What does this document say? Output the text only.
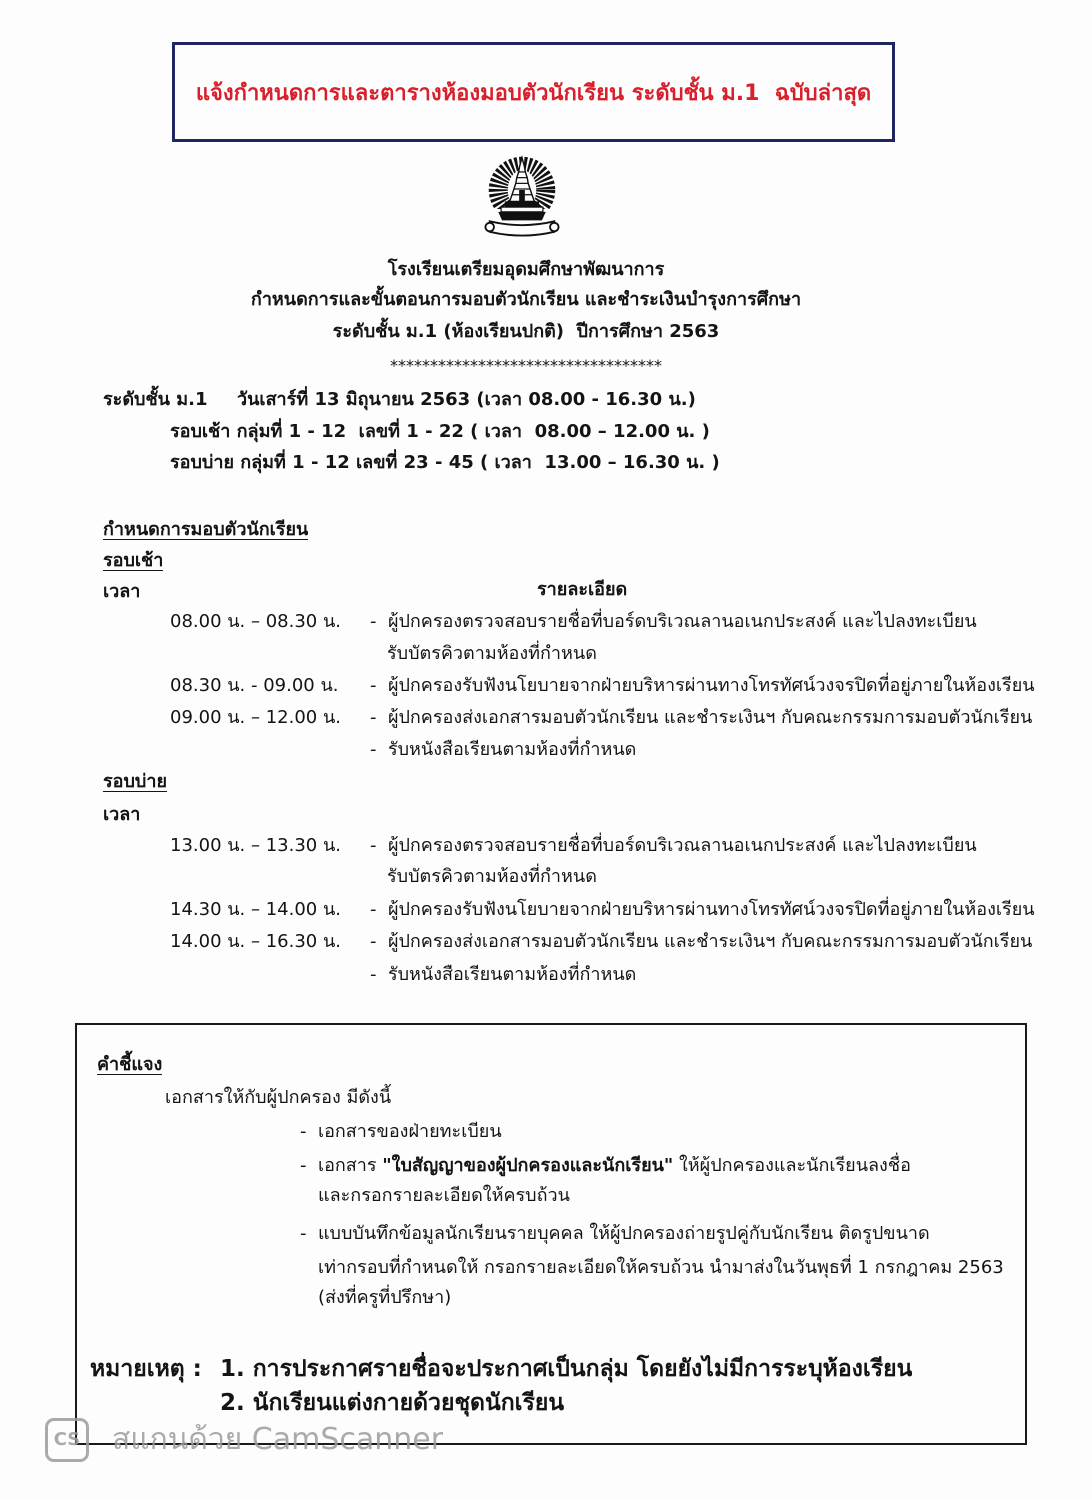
แจ้งกำหนดการและตารางห้องมอบตัวนักเรียน ระดับชั้น ม.1  ฉบับล่าสุด
โรงเรียนเตรียมอุดมศึกษาพัฒนาการ
กำหนดการและขั้นตอนการมอบตัวนักเรียน และชำระเงินบำรุงการศึกษา
ระดับชั้น ม.1 (ห้องเรียนปกติ)  ปีการศึกษา 2563
**********************************
ระดับชั้น ม.1 วันเสาร์ที่ 13 มิถุนายน 2563 (เวลา 08.00 - 16.30 น.)
รอบเช้า กลุ่มที่ 1 - 12  เลขที่ 1 - 22 ( เวลา  08.00 – 12.00 น. )
รอบบ่าย กลุ่มที่ 1 - 12 เลขที่ 23 - 45 ( เวลา  13.00 – 16.30 น. )
กำหนดการมอบตัวนักเรียน
รอบเช้า
เวลา	รายละเอียด
08.00 น. – 08.30 น. -  ผู้ปกครองตรวจสอบรายชื่อที่บอร์ดบริเวณลานอเนกประสงค์ และไปลงทะเบียน
รับบัตรคิวตามห้องที่กำหนด
08.30 น. - 09.00 น. -  ผู้ปกครองรับฟังนโยบายจากฝ่ายบริหารผ่านทางโทรทัศน์วงจรปิดที่อยู่ภายในห้องเรียน
09.00 น. – 12.00 น. -  ผู้ปกครองส่งเอกสารมอบตัวนักเรียน และชำระเงินฯ กับคณะกรรมการมอบตัวนักเรียน
-  รับหนังสือเรียนตามห้องที่กำหนด
รอบบ่าย
เวลา
13.00 น. – 13.30 น. -  ผู้ปกครองตรวจสอบรายชื่อที่บอร์ดบริเวณลานอเนกประสงค์ และไปลงทะเบียน
รับบัตรคิวตามห้องที่กำหนด
14.30 น. – 14.00 น. -  ผู้ปกครองรับฟังนโยบายจากฝ่ายบริหารผ่านทางโทรทัศน์วงจรปิดที่อยู่ภายในห้องเรียน
14.00 น. – 16.30 น. -  ผู้ปกครองส่งเอกสารมอบตัวนักเรียน และชำระเงินฯ กับคณะกรรมการมอบตัวนักเรียน
-  รับหนังสือเรียนตามห้องที่กำหนด
คำชี้แจง
เอกสารให้กับผู้ปกครอง มีดังนี้
-  เอกสารของฝ่ายทะเบียน
-  เอกสาร "ใบสัญญาของผู้ปกครองและนักเรียน" ให้ผู้ปกครองและนักเรียนลงชื่อ
และกรอกรายละเอียดให้ครบถ้วน
-  แบบบันทึกข้อมูลนักเรียนรายบุคคล ให้ผู้ปกครองถ่ายรูปคู่กับนักเรียน ติดรูปขนาด
เท่ากรอบที่กำหนดให้ กรอกรายละเอียดให้ครบถ้วน นำมาส่งในวันพุธที่ 1 กรกฎาคม 2563
(ส่งที่ครูที่ปรึกษา)
หมายเหตุ : 1. การประกาศรายชื่อจะประกาศเป็นกลุ่ม โดยยังไม่มีการระบุห้องเรียน
2. นักเรียนแต่งกายด้วยชุดนักเรียน
CS สแกนด้วย CamScanner
